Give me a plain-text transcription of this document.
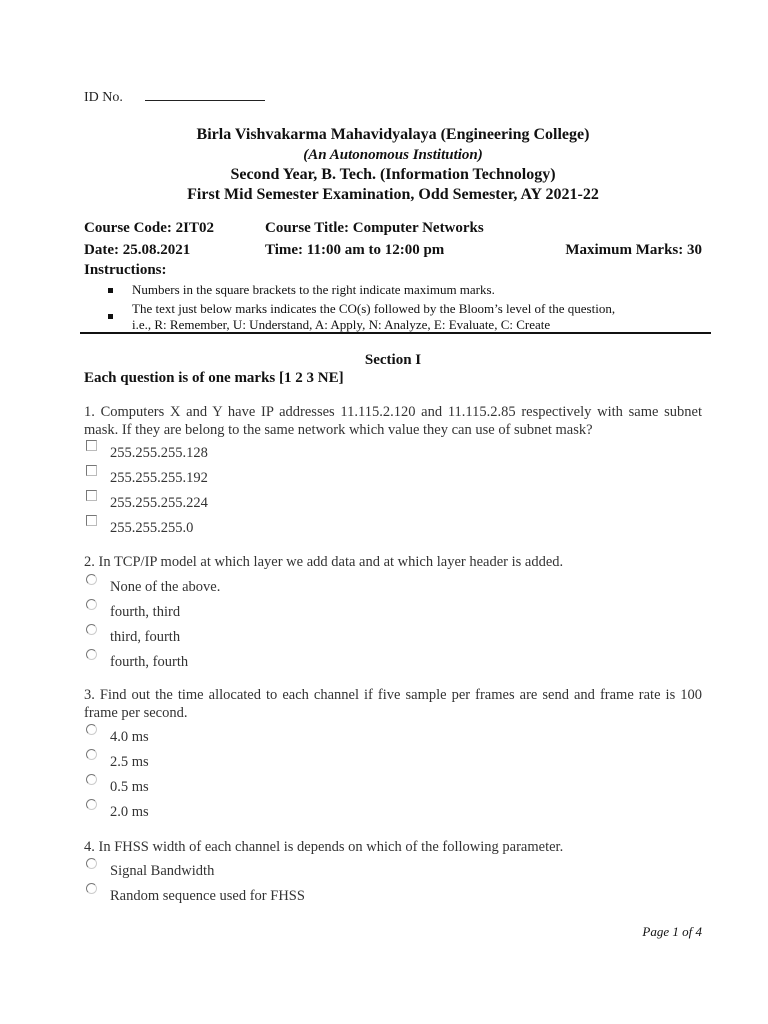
ID No.
Birla Vishvakarma Mahavidyalaya (Engineering College)
(An Autonomous Institution)
Second Year, B. Tech. (Information Technology)
First Mid Semester Examination, Odd Semester, AY 2021-22
Course Code: 2IT02	Course Title: Computer Networks
Date: 25.08.2021	Time: 11:00 am to 12:00 pm	Maximum Marks: 30
Instructions:
Numbers in the square brackets to the right indicate maximum marks.
The text just below marks indicates the CO(s) followed by the Bloom’s level of the question,
i.e., R: Remember, U: Understand, A: Apply, N: Analyze, E: Evaluate, C: Create
Section I
Each question is of one marks [1 2 3 NE]
1. Computers X and Y have IP addresses 11.115.2.120 and 11.115.2.85 respectively with same subnet mask. If they are belong to the same network which value they can use of subnet mask?
255.255.255.128
255.255.255.192
255.255.255.224
255.255.255.0
2. In TCP/IP model at which layer we add data and at which layer header is added.
None of the above.
fourth, third
third, fourth
fourth, fourth
3. Find out the time allocated to each channel if five sample per frames are send and frame rate is 100 frame per second.
4.0 ms
2.5 ms
0.5 ms
2.0 ms
4. In FHSS width of each channel is depends on which of the following parameter.
Signal Bandwidth
Random sequence used for FHSS
Page 1 of 4
